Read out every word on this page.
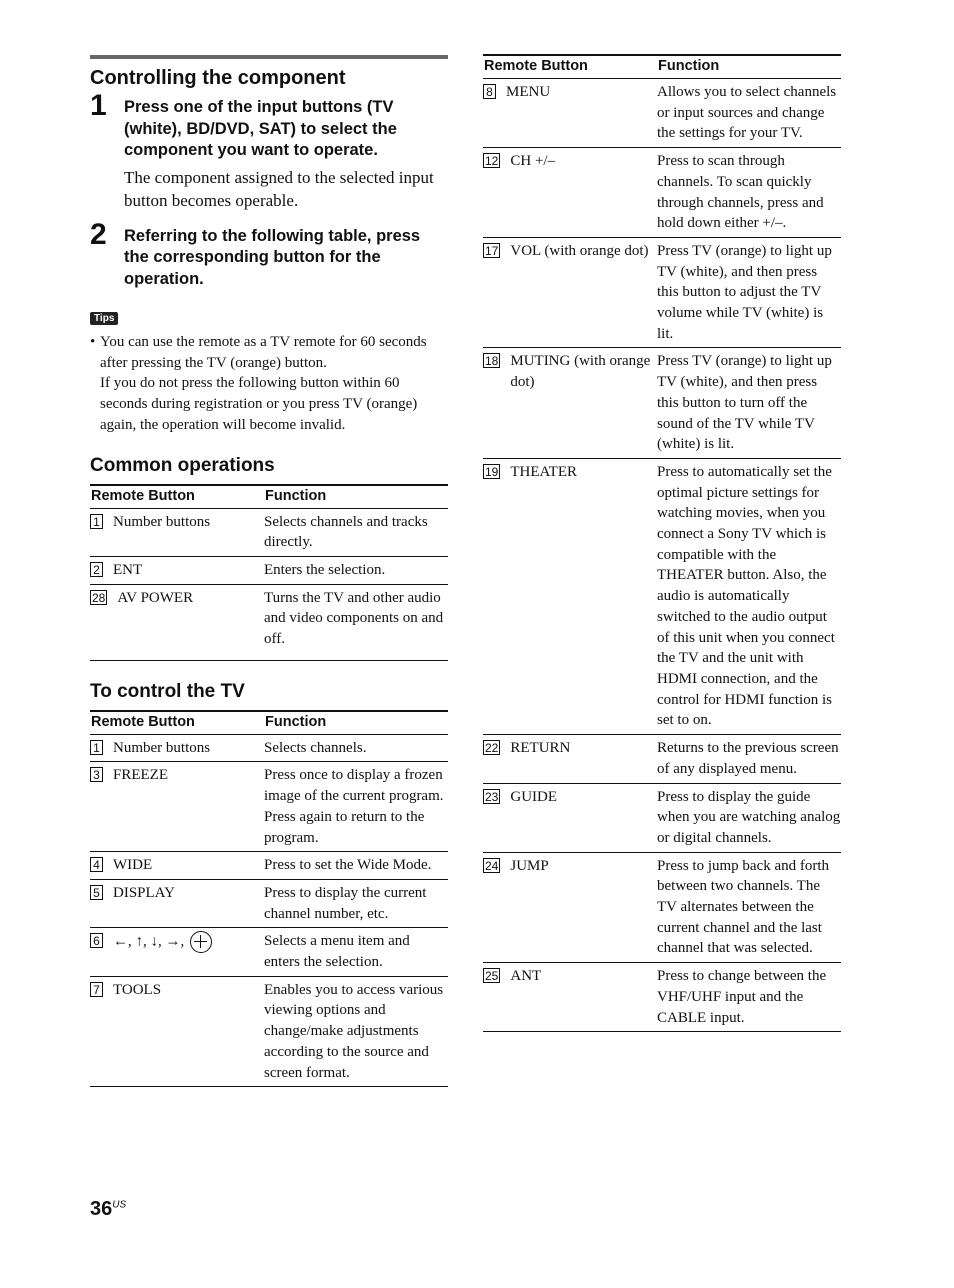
Controlling the component
1 Press one of the input buttons (TV (white), BD/DVD, SAT) to select the component you want to operate.
The component assigned to the selected input button becomes operable.
2 Referring to the following table, press the corresponding button for the operation.
Tips
• You can use the remote as a TV remote for 60 seconds after pressing the TV (orange) button.
If you do not press the following button within 60 seconds during registration or you press TV (orange) again, the operation will become invalid.
Common operations
Remote Button	Function

1 Number buttons	Selects channels and tracks directly.

2 ENT	Enters the selection.

28 AV POWER	Turns the TV and other audio and video components on and off.
To control the TV
Remote Button	Function

1 Number buttons	Selects channels.

3 FREEZE	Press once to display a frozen image of the current program. Press again to return to the program.

4 WIDE	Press to set the Wide Mode.

5 DISPLAY	Press to display the current channel number, etc.

6 ←, ↑, ↓, →,	Selects a menu item and enters the selection.

7 TOOLS	Enables you to access various viewing options and change/make adjustments according to the source and screen format.
Remote Button	Function

8 MENU	Allows you to select channels or input sources and change the settings for your TV.

12 CH +/–	Press to scan through channels. To scan quickly through channels, press and hold down either +/–.

17 VOL (with orange dot)	Press TV (orange) to light up TV (white), and then press this button to adjust the TV volume while TV (white) is lit.

18 MUTING (with orange dot)	Press TV (orange) to light up TV (white), and then press this button to turn off the sound of the TV while TV (white) is lit.

19 THEATER	Press to automatically set the optimal picture settings for watching movies, when you connect a Sony TV which is compatible with the THEATER button. Also, the audio is automatically switched to the audio output of this unit when you connect the TV and the unit with HDMI connection, and the control for HDMI function is set to on.

22 RETURN	Returns to the previous screen of any displayed menu.

23 GUIDE	Press to display the guide when you are watching analog or digital channels.

24 JUMP	Press to jump back and forth between two channels. The TV alternates between the current channel and the last channel that was selected.

25 ANT	Press to change between the VHF/UHF input and the CABLE input.
$36^{US}$
